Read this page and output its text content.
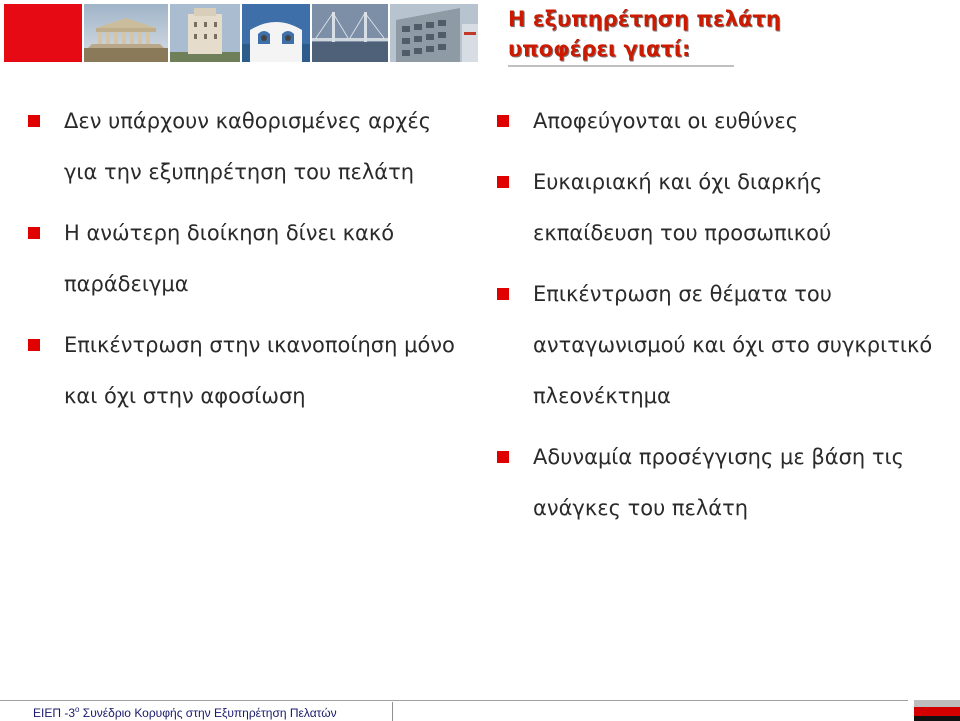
Η εξυπηρέτηση πελάτη
υποφέρει γιατί:
Δεν υπάρχουν καθορισμένες αρχές για την εξυπηρέτηση του πελάτη
Η ανώτερη διοίκηση δίνει κακό παράδειγμα
Επικέντρωση στην ικανοποίηση μόνο και όχι στην αφοσίωση
Αποφεύγονται οι ευθύνες
Ευκαιριακή και όχι διαρκής εκπαίδευση του προσωπικού
Επικέντρωση σε θέματα του ανταγωνισμού και όχι στο συγκριτικό πλεονέκτημα
Αδυναμία προσέγγισης με βάση τις ανάγκες του πελάτη
ΕΙΕΠ $-3^o$ Συνέδριο Κορυφής στην Εξυπηρέτηση Πελατών
